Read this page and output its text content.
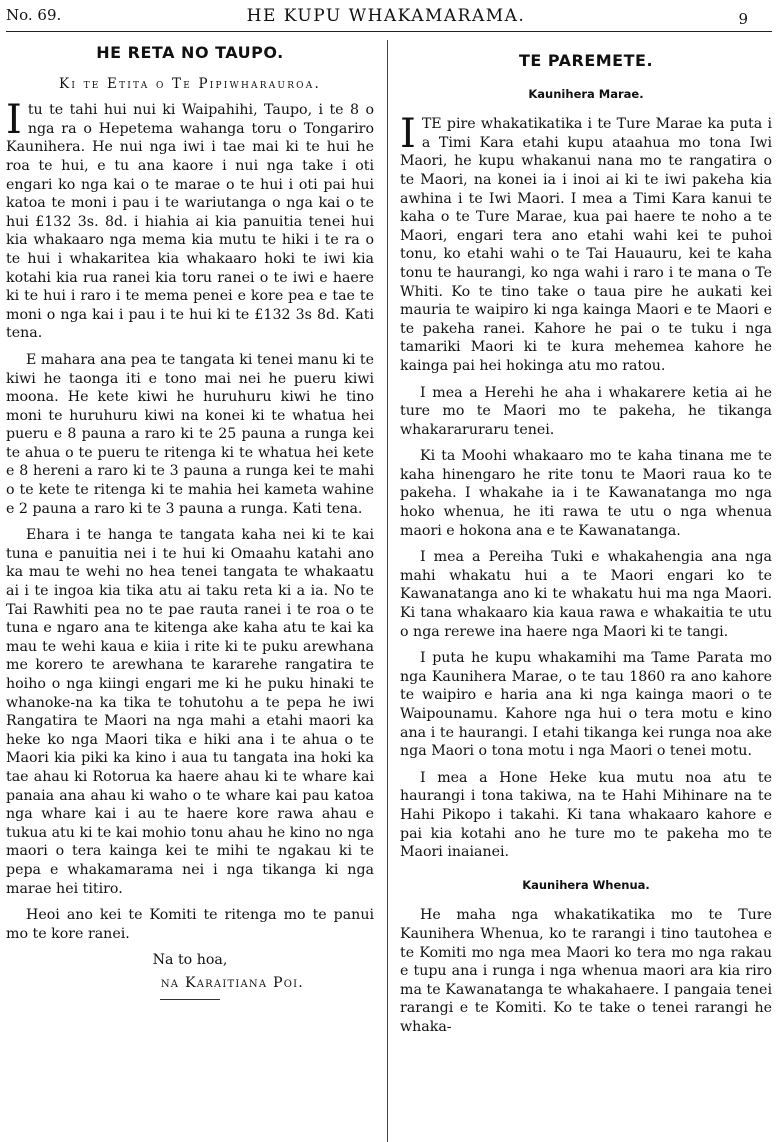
No. 69.	HE KUPU WHAKAMARAMA.	9
HE RETA NO TAUPO.
Ki te Etita o Te Pipiwharauroa.

Itu te tahi hui nui ki Waipahihi, Taupo, i te 8 o nga ra o Hepetema wahanga toru o Tongariro Kaunihera. He nui nga iwi i tae mai ki te hui he roa te hui, e tu ana kaore i nui nga take i oti engari ko nga kai o te marae o te hui i oti pai hui katoa te moni i pau i te wariutanga o nga kai o te hui £132 3s. 8d. i hiahia ai kia panuitia tenei hui kia whakaaro nga mema kia mutu te hiki i te ra o te hui i whakaritea kia whakaaro hoki te iwi kia kotahi kia rua ranei kia toru ranei o te iwi e haere ki te hui i raro i te mema penei e kore pea e tae te moni o nga kai i pau i te hui ki te £132 3s 8d. Kati tena.

E mahara ana pea te tangata ki tenei manu ki te kiwi he taonga iti e tono mai nei he pueru kiwi moona. He kete kiwi he huruhuru kiwi he tino moni te huruhuru kiwi na konei ki te whatua hei pueru e 8 pauna a raro ki te 25 pauna a runga kei te ahua o te pueru te ritenga ki te whatua hei kete e 8 hereni a raro ki te 3 pauna a runga kei te mahi o te kete te ritenga ki te mahia hei kameta wahine e 2 pauna a raro ki te 3 pauna a runga. Kati tena.

Ehara i te hanga te tangata kaha nei ki te kai tuna e panuitia nei i te hui ki Omaahu katahi ano ka mau te wehi no hea tenei tangata te whakaatu ai i te ingoa kia tika atu ai taku reta ki a ia. No te Tai Rawhiti pea no te pae rauta ranei i te roa o te tuna e ngaro ana te kitenga ake kaha atu te kai ka mau te wehi kaua e kiia i rite ki te puku arewhana me korero te arewhana te kararehe rangatira te hoiho o nga kiingi engari me ki he puku hinaki te whanoke-na ka tika te tohutohu a te pepa he iwi Rangatira te Maori na nga mahi a etahi maori ka heke ko nga Maori tika e hiki ana i te ahua o te Maori kia piki ka kino i aua tu tangata ina hoki ka tae ahau ki Rotorua ka haere ahau ki te whare kai panaia ana ahau ki waho o te whare kai pau katoa nga whare kai i au te haere kore rawa ahau e tukua atu ki te kai mohio tonu ahau he kino no nga maori o tera kainga kei te mihi te ngakau ki te pepa e whakamarama nei i nga tikanga ki nga marae hei titiro.

Heoi ano kei te Komiti te ritenga mo te panui mo te kore ranei.

Na to hoa,
na Karaitiana Poi.
TE PAREMETE.
Kaunihera Marae.

ITE pire whakatikatika i te Ture Marae ka puta i a Timi Kara etahi kupu ataahua mo tona Iwi Maori, he kupu whakanui nana mo te rangatira o te Maori, na konei ia i inoi ai ki te iwi pakeha kia awhina i te Iwi Maori. I mea a Timi Kara kanui te kaha o te Ture Marae, kua pai haere te noho a te Maori, engari tera ano etahi wahi kei te puhoi tonu, ko etahi wahi o te Tai Hauauru, kei te kaha tonu te haurangi, ko nga wahi i raro i te mana o Te Whiti. Ko te tino take o taua pire he aukati kei mauria te waipiro ki nga kainga Maori e te Maori e te pakeha ranei. Kahore he pai o te tuku i nga tamariki Maori ki te kura mehemea kahore he kainga pai hei hokinga atu mo ratou.

I mea a Herehi he aha i whakarere ketia ai he ture mo te Maori mo te pakeha, he tikanga whakararuraru tenei.

Ki ta Moohi whakaaro mo te kaha tinana me te kaha hinengaro he rite tonu te Maori raua ko te pakeha. I whakahe ia i te Kawanatanga mo nga hoko whenua, he iti rawa te utu o nga whenua maori e hokona ana e te Kawanatanga.

I mea a Pereiha Tuki e whakahengia ana nga mahi whakatu hui a te Maori engari ko te Kawanatanga ano ki te whakatu hui ma nga Maori. Ki tana whakaaro kia kaua rawa e whakaitia te utu o nga rerewe ina haere nga Maori ki te tangi.

I puta he kupu whakamihi ma Tame Parata mo nga Kaunihera Marae, o te tau 1860 ra ano kahore te waipiro e haria ana ki nga kainga maori o te Waipounamu. Kahore nga hui o tera motu e kino ana i te haurangi. I etahi tikanga kei runga noa ake nga Maori o tona motu i nga Maori o tenei motu.

I mea a Hone Heke kua mutu noa atu te haurangi i tona takiwa, na te Hahi Mihinare na te Hahi Pikopo i takahi. Ki tana whakaaro kahore e pai kia kotahi ano he ture mo te pakeha mo te Maori inaianei.

Kaunihera Whenua.

He maha nga whakatikatika mo te Ture Kaunihera Whenua, ko te rarangi i tino tautohea e te Komiti mo nga mea Maori ko tera mo nga rakau e tupu ana i runga i nga whenua maori ara kia riro ma te Kawanatanga te whakahaere. I pangaia tenei rarangi e te Komiti. Ko te take o tenei rarangi he whaka-
